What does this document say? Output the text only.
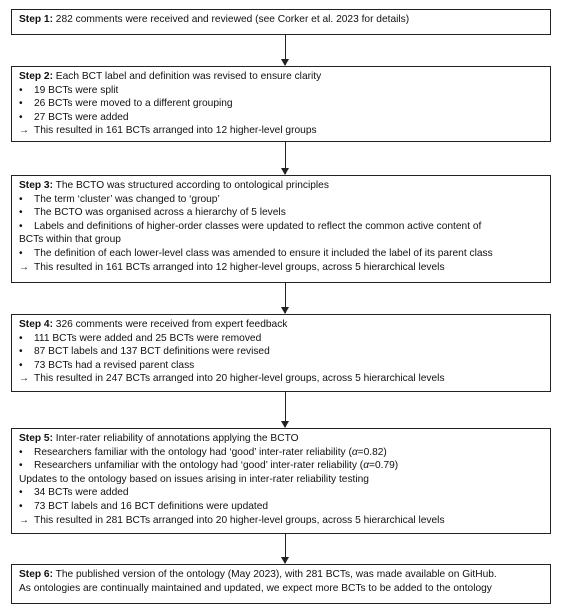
Step 1: 282 comments were received and reviewed (see Corker et al. 2023 for details)
Step 2: Each BCT label and definition was revised to ensure clarity
•	19 BCTs were split
•	26 BCTs were moved to a different grouping
•	27 BCTs were added
→ This resulted in 161 BCTs arranged into 12 higher-level groups
Step 3: The BCTO was structured according to ontological principles
•	The term ‘cluster’ was changed to ‘group’
•	The BCTO was organised across a hierarchy of 5 levels
•	Labels and definitions of higher-order classes were updated to reflect the common active content of
BCTs within that group
•	The definition of each lower-level class was amended to ensure it included the label of its parent class
→ This resulted in 161 BCTs arranged into 12 higher-level groups, across 5 hierarchical levels
Step 4: 326 comments were received from expert feedback
•	111 BCTs were added and 25 BCTs were removed
•	87 BCT labels and 137 BCT definitions were revised
•	73 BCTs had a revised parent class
→ This resulted in 247 BCTs arranged into 20 higher-level groups, across 5 hierarchical levels
Step 5: Inter-rater reliability of annotations applying the BCTO
•	Researchers familiar with the ontology had ‘good’ inter-rater reliability (α=0.82)
•	Researchers unfamiliar with the ontology had ‘good’ inter-rater reliability (α=0.79)
Updates to the ontology based on issues arising in inter-rater reliability testing
•	34 BCTs were added
•	73 BCT labels and 16 BCT definitions were updated
→ This resulted in 281 BCTs arranged into 20 higher-level groups, across 5 hierarchical levels
Step 6: The published version of the ontology (May 2023), with 281 BCTs, was made available on GitHub.
As ontologies are continually maintained and updated, we expect more BCTs to be added to the ontology
